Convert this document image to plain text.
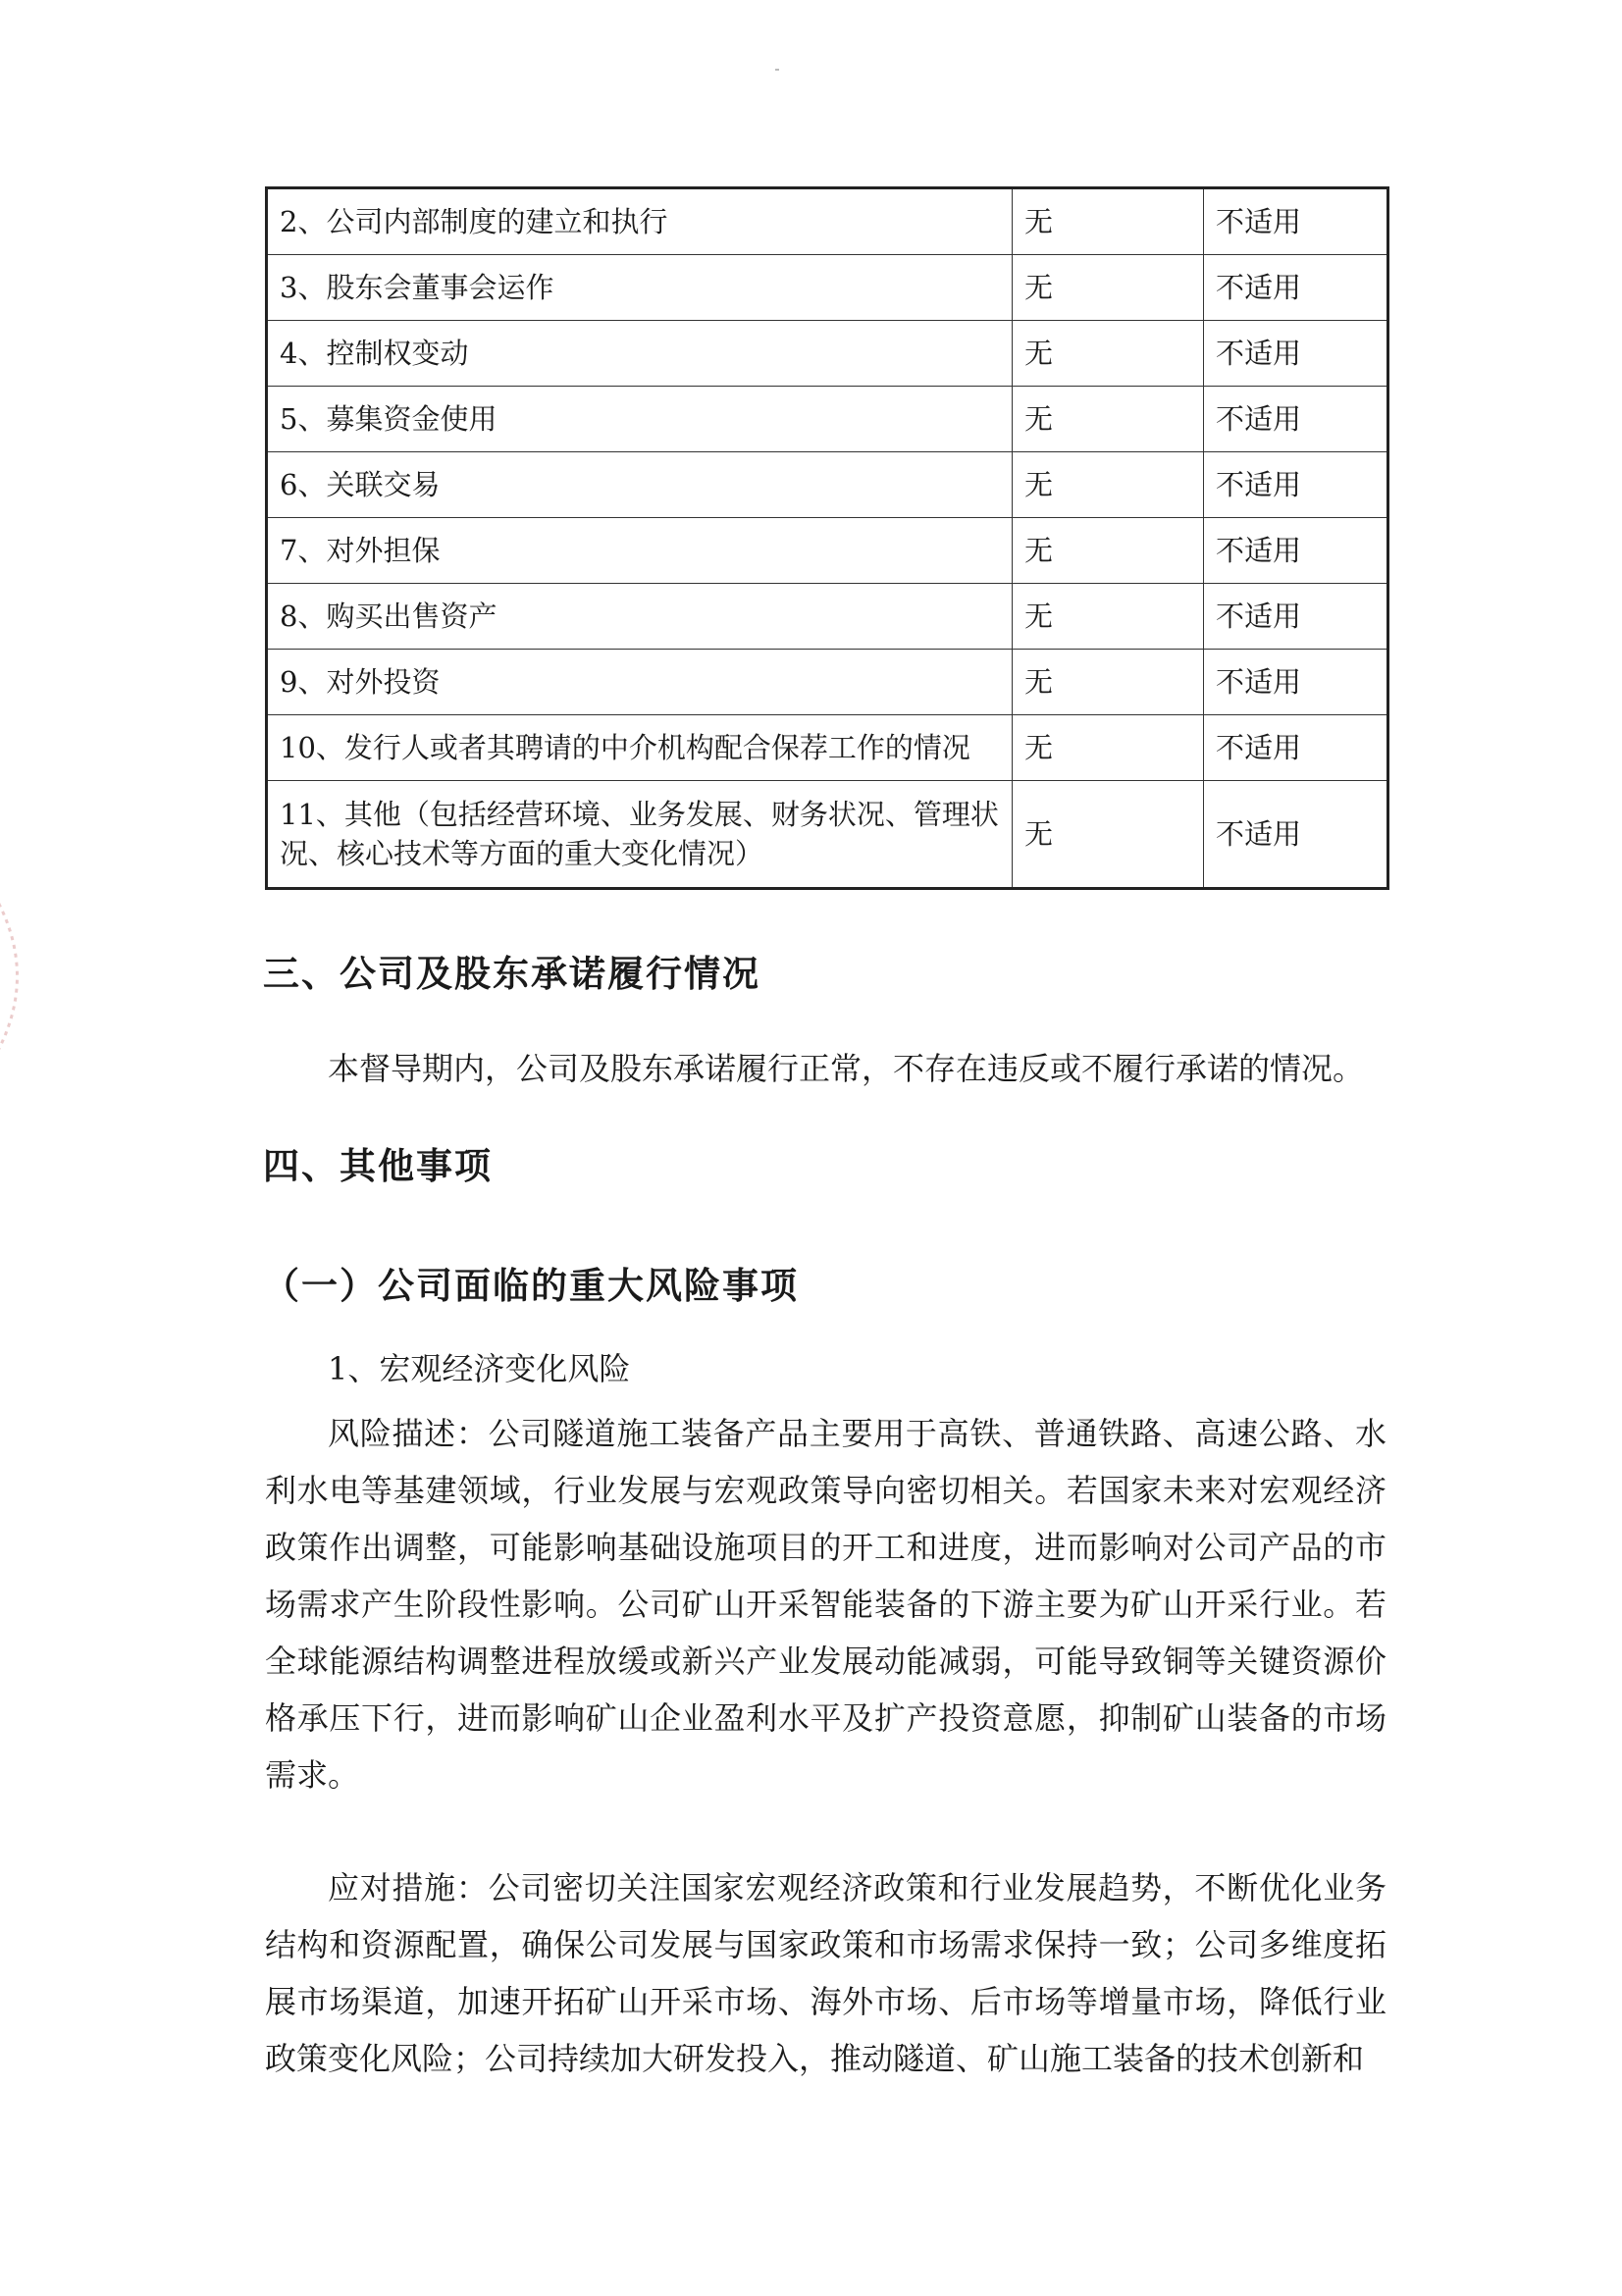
2、公司内部制度的建立和执行	无	不适用
3、股东会董事会运作	无	不适用
4、控制权变动	无	不适用
5、募集资金使用	无	不适用
6、关联交易	无	不适用
7、对外担保	无	不适用
8、购买出售资产	无	不适用
9、对外投资	无	不适用
10、发行人或者其聘请的中介机构配合保荐工作的情况	无	不适用
11、其他（包括经营环境、业务发展、财务状况、管理状况、核心技术等方面的重大变化情况）	无	不适用
三、公司及股东承诺履行情况

本督导期内，公司及股东承诺履行正常，不存在违反或不履行承诺的情况。

四、其他事项
（一）公司面临的重大风险事项

1、宏观经济变化风险

风险描述：公司隧道施工装备产品主要用于高铁、普通铁路、高速公路、水利水电等基建领域，行业发展与宏观政策导向密切相关。若国家未来对宏观经济政策作出调整，可能影响基础设施项目的开工和进度，进而影响对公司产品的市场需求产生阶段性影响。公司矿山开采智能装备的下游主要为矿山开采行业。若全球能源结构调整进程放缓或新兴产业发展动能减弱，可能导致铜等关键资源价格承压下行，进而影响矿山企业盈利水平及扩产投资意愿，抑制矿山装备的市场需求。

应对措施：公司密切关注国家宏观经济政策和行业发展趋势，不断优化业务结构和资源配置，确保公司发展与国家政策和市场需求保持一致；公司多维度拓展市场渠道，加速开拓矿山开采市场、海外市场、后市场等增量市场，降低行业政策变化风险；公司持续加大研发投入，推动隧道、矿山施工装备的技术创新和
